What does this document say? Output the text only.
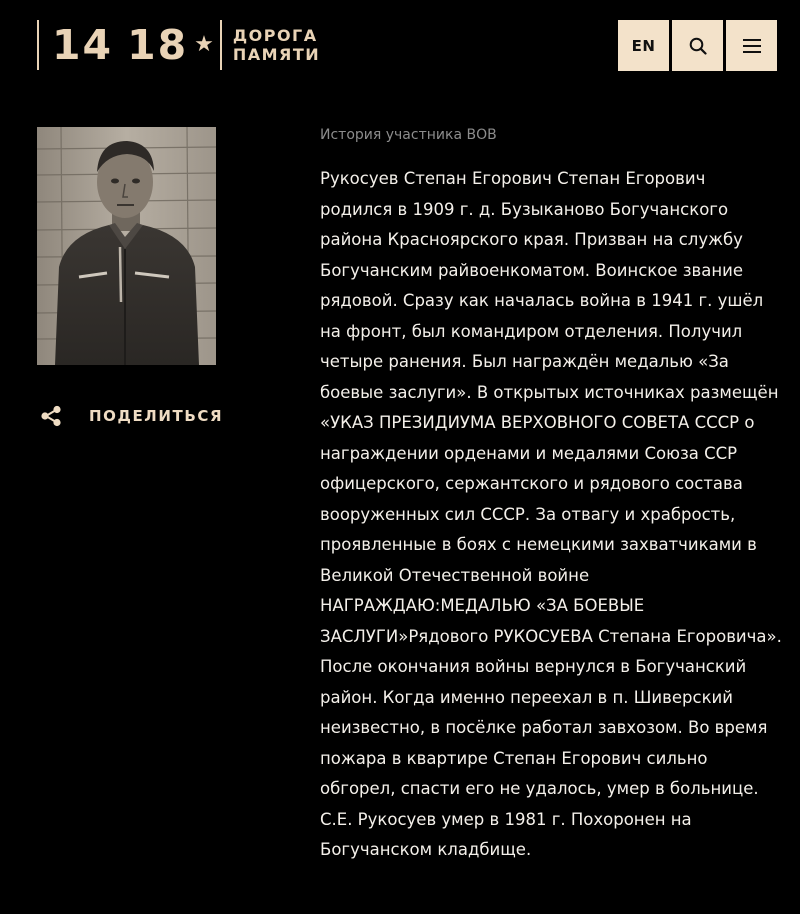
14 18 ★ ДОРОГА
ПАМЯТИ	EN
ПОДЕЛИТЬСЯ

История участника ВОВ

Рукосуев Степан Егорович Степан Егорович родился в 1909 г. д. Бузыканово Богучанского района Красноярского края. Призван на службу Богучанским райвоенкоматом. Воинское звание рядовой. Сразу как началась война в 1941 г. ушёл на фронт, был командиром отделения. Получил четыре ранения. Был награждён медалью «За боевые заслуги». В открытых источниках размещён «УКАЗ ПРЕЗИДИУМА ВЕРХОВНОГО СОВЕТА СССР о награждении орденами и медалями Союза ССР офицерского, сержантского и рядового состава вооруженных сил СССР. За отвагу и храбрость, проявленные в боях с немецкими захватчиками в Великой Отечественной войне НАГРАЖДАЮ:МЕДАЛЬЮ «ЗА БОЕВЫЕ ЗАСЛУГИ»Рядового РУКОСУЕВА Степана Егоровича». После окончания войны вернулся в Богучанский район. Когда именно переехал в п. Шиверский неизвестно, в посёлке работал завхозом. Во время пожара в квартире Степан Егорович сильно обгорел, спасти его не удалось, умер в больнице. С.Е. Рукосуев умер в 1981 г. Похоронен на Богучанском кладбище.
